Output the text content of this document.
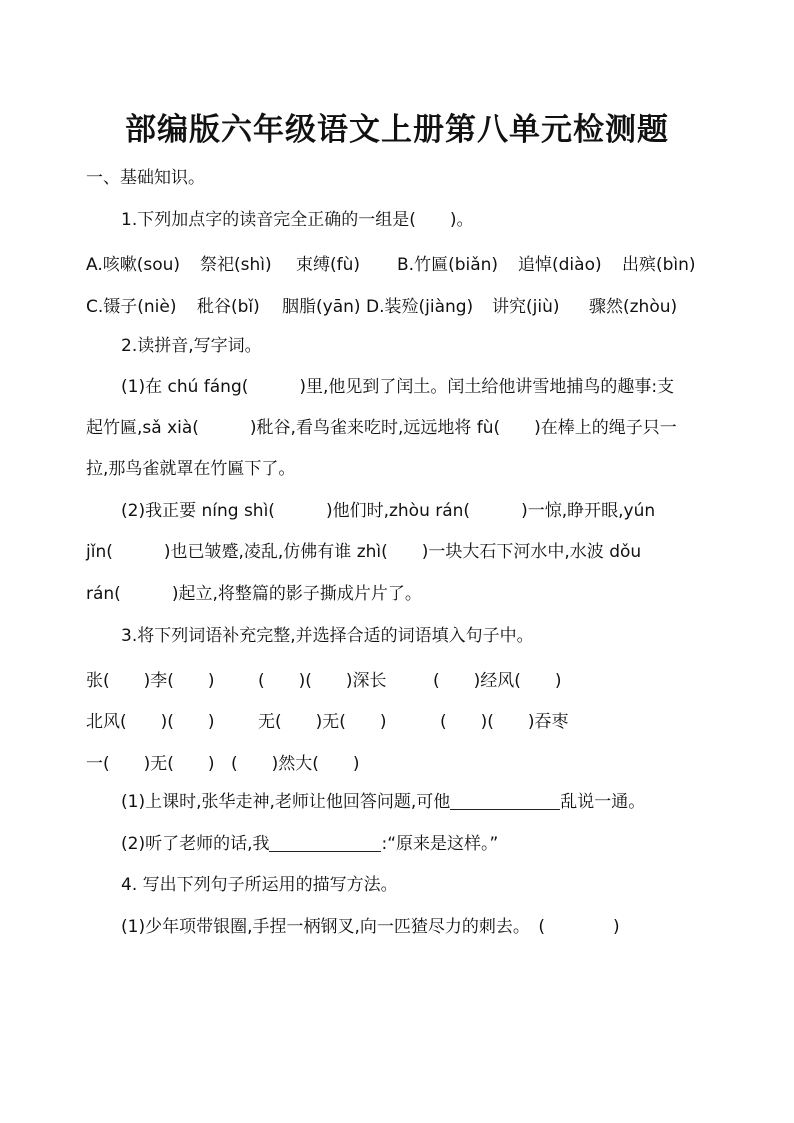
部编版六年级语文上册第八单元检测题
一、基础知识。
1.下列加点字的读音完全正确的一组是(　　)。
A.咳嗽(sou) 祭祀(shì) 束缚(fù) B.竹匾(biǎn) 追悼(diào) 出殡(bìn)
C.镊子(niè) 秕谷(bǐ) 胭脂(yān) D.装殓(jiàng) 讲究(jiù) 骤然(zhòu)
2.读拼音,写字词。
(1)在 chú fáng(　　　)里,他见到了闰土。闰土给他讲雪地捕鸟的趣事:支
起竹匾,sǎ xià(　　　)秕谷,看鸟雀来吃时,远远地将 fù(　　)在棒上的绳子只一
拉,那鸟雀就罩在竹匾下了。
(2)我正要 níng shì(　　　)他们时,zhòu rán(　　　)一惊,睁开眼,yún
jǐn(　　　)也已皱蹙,凌乱,仿佛有谁 zhì(　　)一块大石下河水中,水波 dǒu
rán(　　　)起立,将整篇的影子撕成片片了。
3.将下列词语补充完整,并选择合适的词语填入句子中。
张(　　)李(　　)	(　　)(　　)深长	(　　)经风(　　)
北风(　　)(　　)	无(　　)无(　　)	(　　)(　　)吞枣
一(　　)无(　　) (　　)然大(　　)
(1)上课时,张华走神,老师让他回答问题,可他	乱说一通。
(2)听了老师的话,我	:“原来是这样。”
4. 写出下列句子所运用的描写方法。
(1)少年项带银圈,手捏一柄钢叉,向一匹猹尽力的刺去。　(　　　　)
